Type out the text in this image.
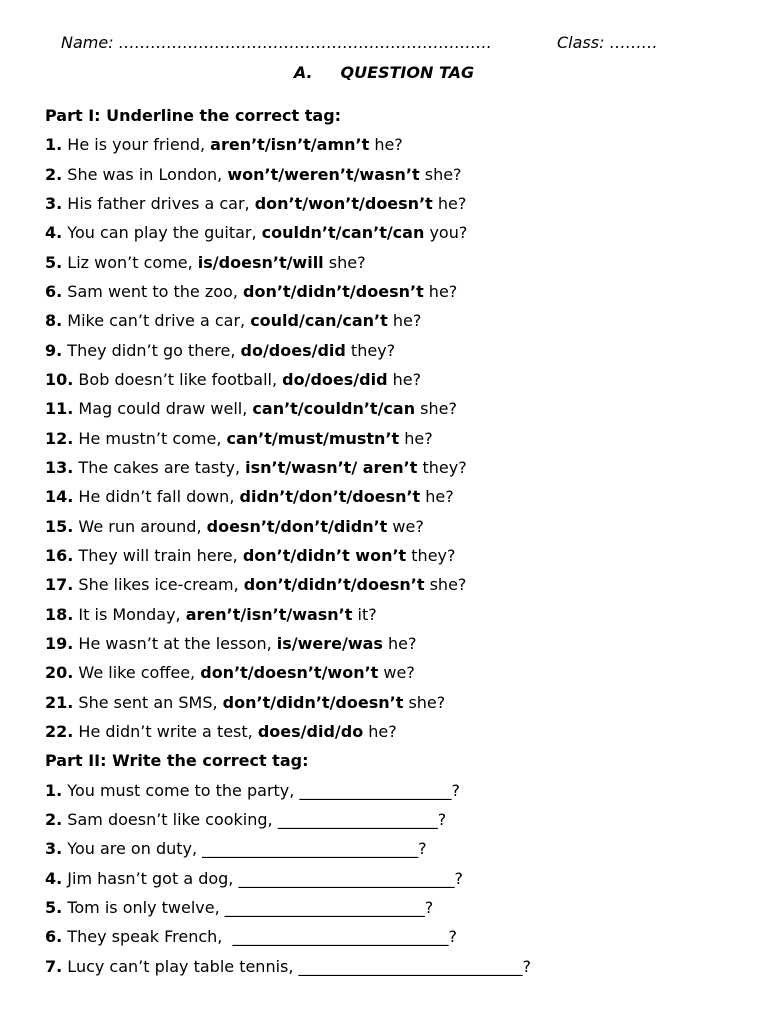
Name: …………………………………………………………….	Class: ………
A.     QUESTION TAG
Part I: Underline the correct tag:
1. He is your friend, aren’t/isn’t/amn’t he?
2. She was in London, won’t/weren’t/wasn’t she?
3. His father drives a car, don’t/won’t/doesn’t he?
4. You can play the guitar, couldn’t/can’t/can you?
5. Liz won’t come, is/doesn’t/will she?
6. Sam went to the zoo, don’t/didn’t/doesn’t he?
8. Mike can’t drive a car, could/can/can’t he?
9. They didn’t go there, do/does/did they?
10. Bob doesn’t like football, do/does/did he?
11. Mag could draw well, can’t/couldn’t/can she?
12. He mustn’t come, can’t/must/mustn’t he?
13. The cakes are tasty, isn’t/wasn’t/ aren’t they?
14. He didn’t fall down, didn’t/don’t/doesn’t he?
15. We run around, doesn’t/don’t/didn’t we?
16. They will train here, don’t/didn’t won’t they?
17. She likes ice-cream, don’t/didn’t/doesn’t she?
18. It is Monday, aren’t/isn’t/wasn’t it?
19. He wasn’t at the lesson, is/were/was he?
20. We like coffee, don’t/doesn’t/won’t we?
21. She sent an SMS, don’t/didn’t/doesn’t she?
22. He didn’t write a test, does/did/do he?
Part II: Write the correct tag:
1. You must come to the party, ___________________?
2. Sam doesn’t like cooking, ____________________?
3. You are on duty, ___________________________?
4. Jim hasn’t got a dog, ___________________________?
5. Tom is only twelve, _________________________?
6. They speak French,  ___________________________?
7. Lucy can’t play table tennis, ____________________________?
